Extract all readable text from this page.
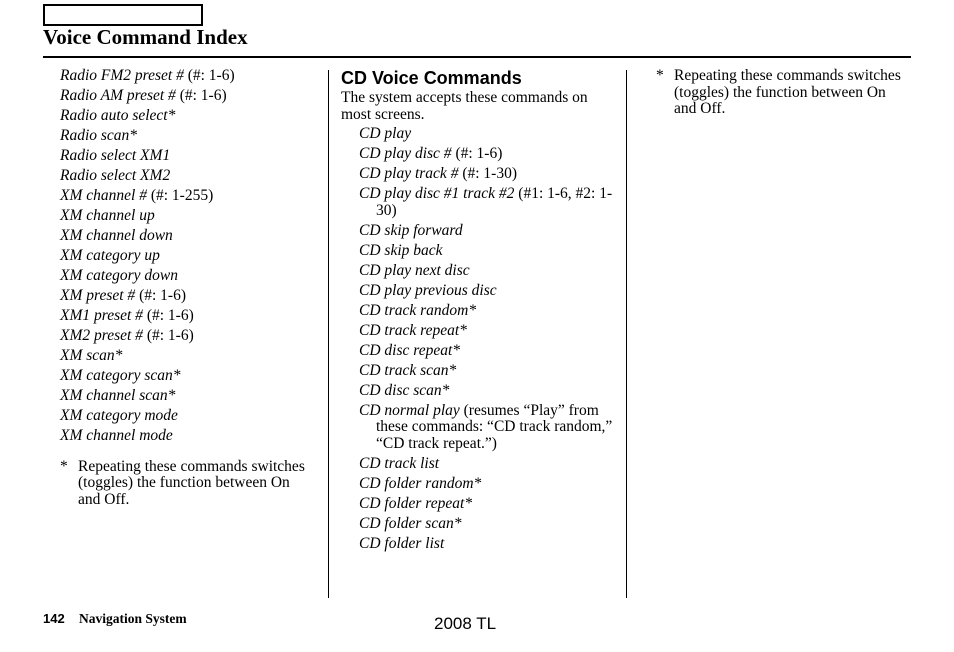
Voice Command Index
Radio FM2 preset # (#: 1-6)
Radio AM preset # (#: 1-6)
Radio auto select*
Radio scan*
Radio select XM1
Radio select XM2
XM channel # (#: 1-255)
XM channel up
XM channel down
XM category up
XM category down
XM preset # (#: 1-6)
XM1 preset # (#: 1-6)
XM2 preset # (#: 1-6)
XM scan*
XM category scan*
XM channel scan*
XM category mode
XM channel mode
* Repeating these commands switches (toggles) the function between On and Off.
CD Voice Commands
The system accepts these commands on most screens.
CD play
CD play disc # (#: 1-6)
CD play track # (#: 1-30)
CD play disc #1 track #2 (#1: 1-6, #2: 1-30)
CD skip forward
CD skip back
CD play next disc
CD play previous disc
CD track random*
CD track repeat*
CD disc repeat*
CD track scan*
CD disc scan*
CD normal play (resumes “Play” from these commands: “CD track random,” “CD track repeat.”)
CD track list
CD folder random*
CD folder repeat*
CD folder scan*
CD folder list
* Repeating these commands switches (toggles) the function between On and Off.
142 Navigation System	2008 TL
